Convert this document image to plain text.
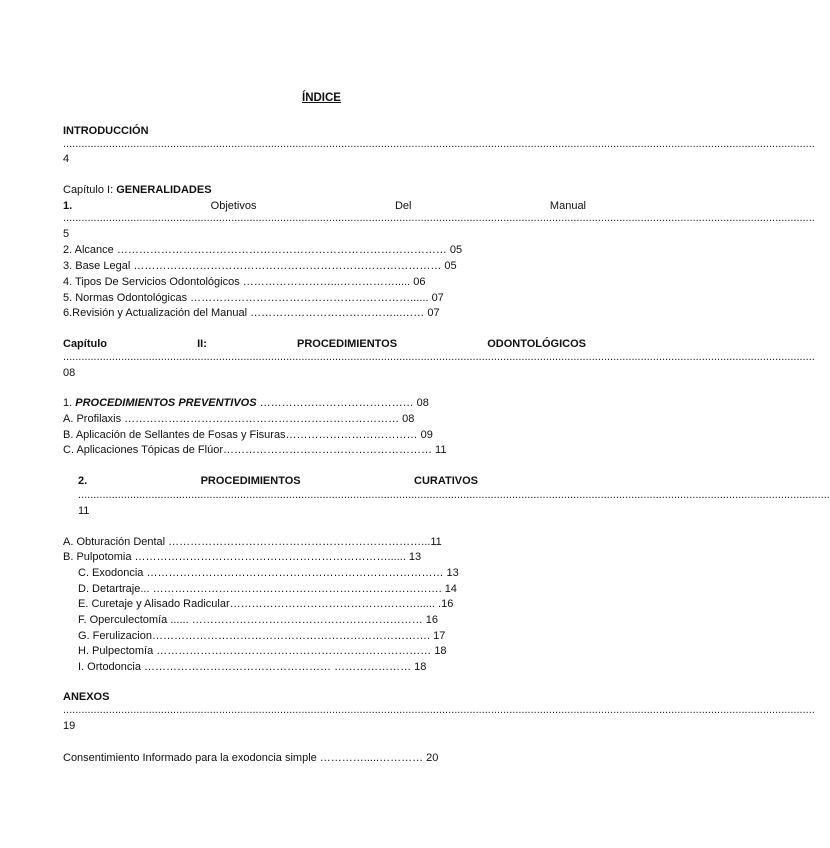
ÍNDICE
INTRODUCCIÓN
......................................................................................................................................................................................................................................................
4
Capítulo I: GENERALIDADES
1.	Objetivos	Del	Manual
......................................................................................................................................................................................................................................................
5
2. Alcance ……………………………………………………………………………… 05
3. Base Legal ………………………………………………………………………… 05
4. Tipos De Servicios Odontológicos ……………………...……………..... 06
5. Normas Odontológicas ……………………………………………………...... 07
6.Revisión y Actualización del Manual …………………………………...…… 07
Capítulo	II:	PROCEDIMIENTOS	ODONTOLÓGICOS
......................................................................................................................................................................................................................................................
08
1. PROCEDIMIENTOS PREVENTIVOS …………………………………… 08
A. Profilaxis ………………………………………………………………… 08
B. Aplicación de Sellantes de Fosas y Fisuras……………………………… 09
C. Aplicaciones Tópicas de Flúor………………………………………………… 11
2.	PROCEDIMIENTOS	CURATIVOS
......................................................................................................................................................................................................................................................
11
A. Obturación Dental ……………………………………………………………...11
B. Pulpotomia ……………………………………………………………...... 13
C. Exodoncia ……………………………………………………………………… 13
D. Detartraje... ……………………………………………………………………. 14
E. Curetaje y Alisado Radicular……………………………………………...... .16
F. Operculectomía ...... ……………………………………………………… 16
G. Ferulizacion…………………………………………………………………. 17
H. Pulpectomía ………………………………………………………………… 18
I. Ortodoncia …………………………………………… ………………… 18
ANEXOS
......................................................................................................................................................................................................................................................
19
Consentimiento Informado para la exodoncia simple ………….....………… 20
